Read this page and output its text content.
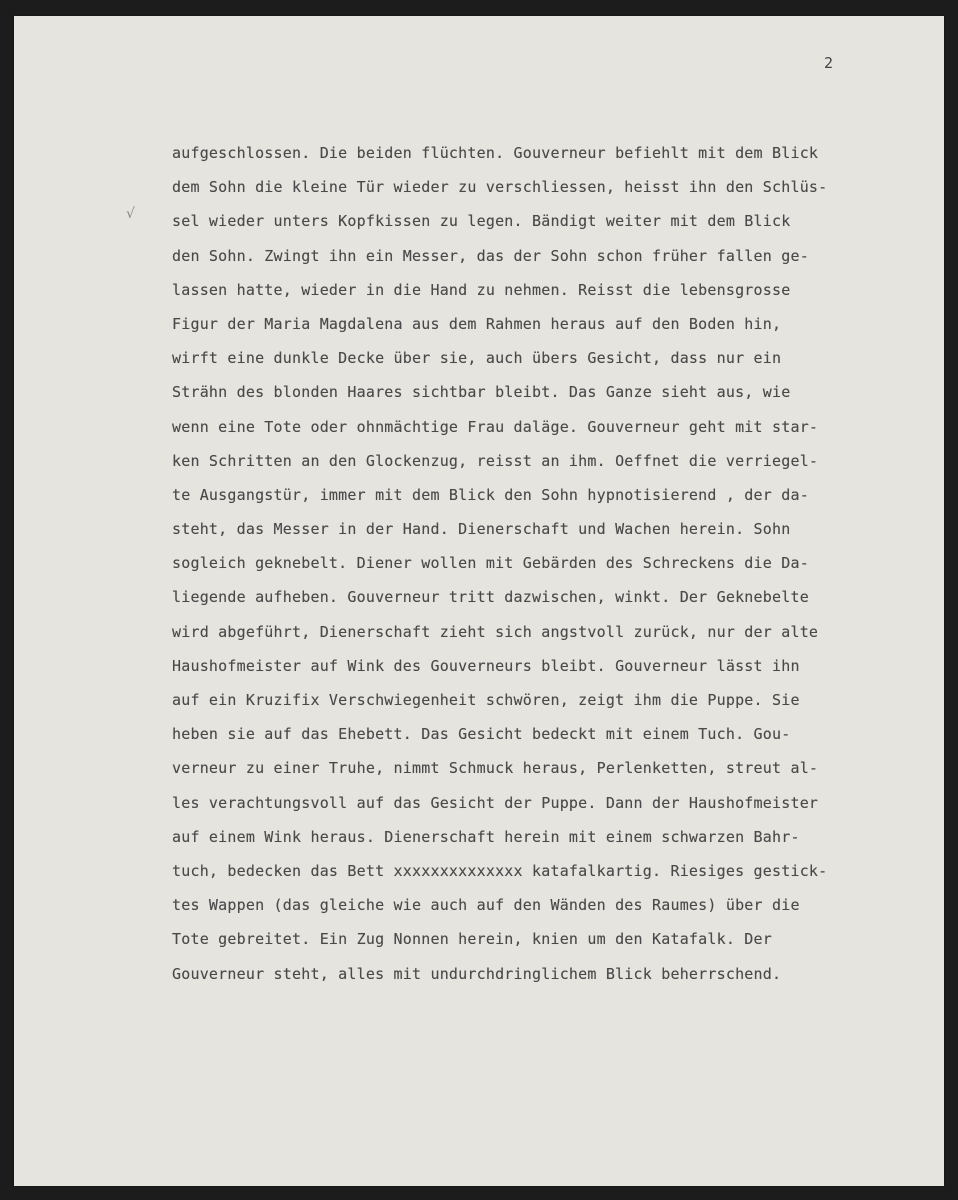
2
√
aufgeschlossen. Die beiden flüchten. Gouverneur befiehlt mit dem Blick
dem Sohn die kleine Tür wieder zu verschliessen, heisst ihn den Schlüs-
sel wieder unters Kopfkissen zu legen. Bändigt weiter mit dem Blick
den Sohn. Zwingt ihn ein Messer, das der Sohn schon früher fallen ge-
lassen hatte, wieder in die Hand zu nehmen. Reisst die lebensgrosse
Figur der Maria Magdalena aus dem Rahmen heraus auf den Boden hin,
wirft eine dunkle Decke über sie, auch übers Gesicht, dass nur ein
Strähn des blonden Haares sichtbar bleibt. Das Ganze sieht aus, wie
wenn eine Tote oder ohnmächtige Frau daläge. Gouverneur geht mit star-
ken Schritten an den Glockenzug, reisst an ihm. Oeffnet die verriegel-
te Ausgangstür, immer mit dem Blick den Sohn hypnotisierend , der da-
steht, das Messer in der Hand. Dienerschaft und Wachen herein. Sohn
sogleich geknebelt. Diener wollen mit Gebärden des Schreckens die Da-
liegende aufheben. Gouverneur tritt dazwischen, winkt. Der Geknebelte
wird abgeführt, Dienerschaft zieht sich angstvoll zurück, nur der alte
Haushofmeister auf Wink des Gouverneurs bleibt. Gouverneur lässt ihn
auf ein Kruzifix Verschwiegenheit schwören, zeigt ihm die Puppe. Sie
heben sie auf das Ehebett. Das Gesicht bedeckt mit einem Tuch. Gou-
verneur zu einer Truhe, nimmt Schmuck heraus, Perlenketten, streut al-
les verachtungsvoll auf das Gesicht der Puppe. Dann der Haushofmeister
auf einem Wink heraus. Dienerschaft herein mit einem schwarzen Bahr-
tuch, bedecken das Bett xxxxxxxxxxxxxx katafalkartig. Riesiges gestick-
tes Wappen (das gleiche wie auch auf den Wänden des Raumes) über die
Tote gebreitet. Ein Zug Nonnen herein, knien um den Katafalk. Der
Gouverneur steht, alles mit undurchdringlichem Blick beherrschend.
